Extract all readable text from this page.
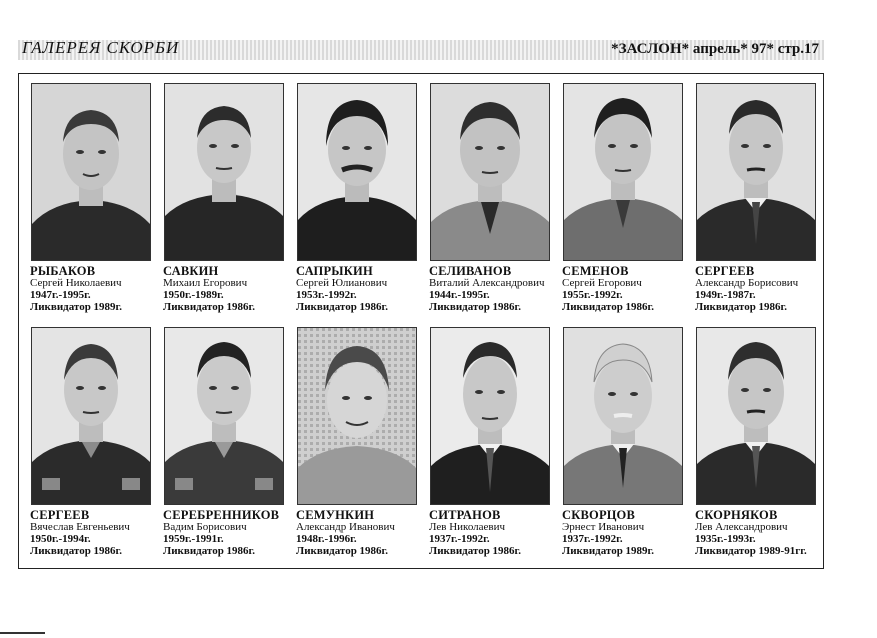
ГАЛЕРЕЯ СКОРБИ	*ЗАСЛОН* апрель* 97* стр.17
РЫБАКОВ
Сергей Николаевич
1947г.-1995г.
Ликвидатор 1989г.
САВКИН
Михаил Егорович
1950г.-1989г.
Ликвидатор 1986г.
САПРЫКИН
Сергей Юлианович
1953г.-1992г.
Ликвидатор 1986г.
СЕЛИВАНОВ
Виталий Александрович
1944г.-1995г.
Ликвидатор 1986г.
СЕМЕНОВ
Сергей Егорович
1955г.-1992г.
Ликвидатор 1986г.
СЕРГЕЕВ
Александр Борисович
1949г.-1987г.
Ликвидатор 1986г.
СЕРГЕЕВ
Вячеслав Евгеньевич
1950г.-1994г.
Ликвидатор 1986г.
СЕРЕБРЕННИКОВ
Вадим Борисович
1959г.-1991г.
Ликвидатор 1986г.
СЕМУНКИН
Александр Иванович
1948г.-1996г.
Ликвидатор 1986г.
СИТРАНОВ
Лев Николаевич
1937г.-1992г.
Ликвидатор 1986г.
СКВОРЦОВ
Эрнест Иванович
1937г.-1992г.
Ликвидатор 1989г.
СКОРНЯКОВ
Лев Александрович
1935г.-1993г.
Ликвидатор 1989-91гг.
